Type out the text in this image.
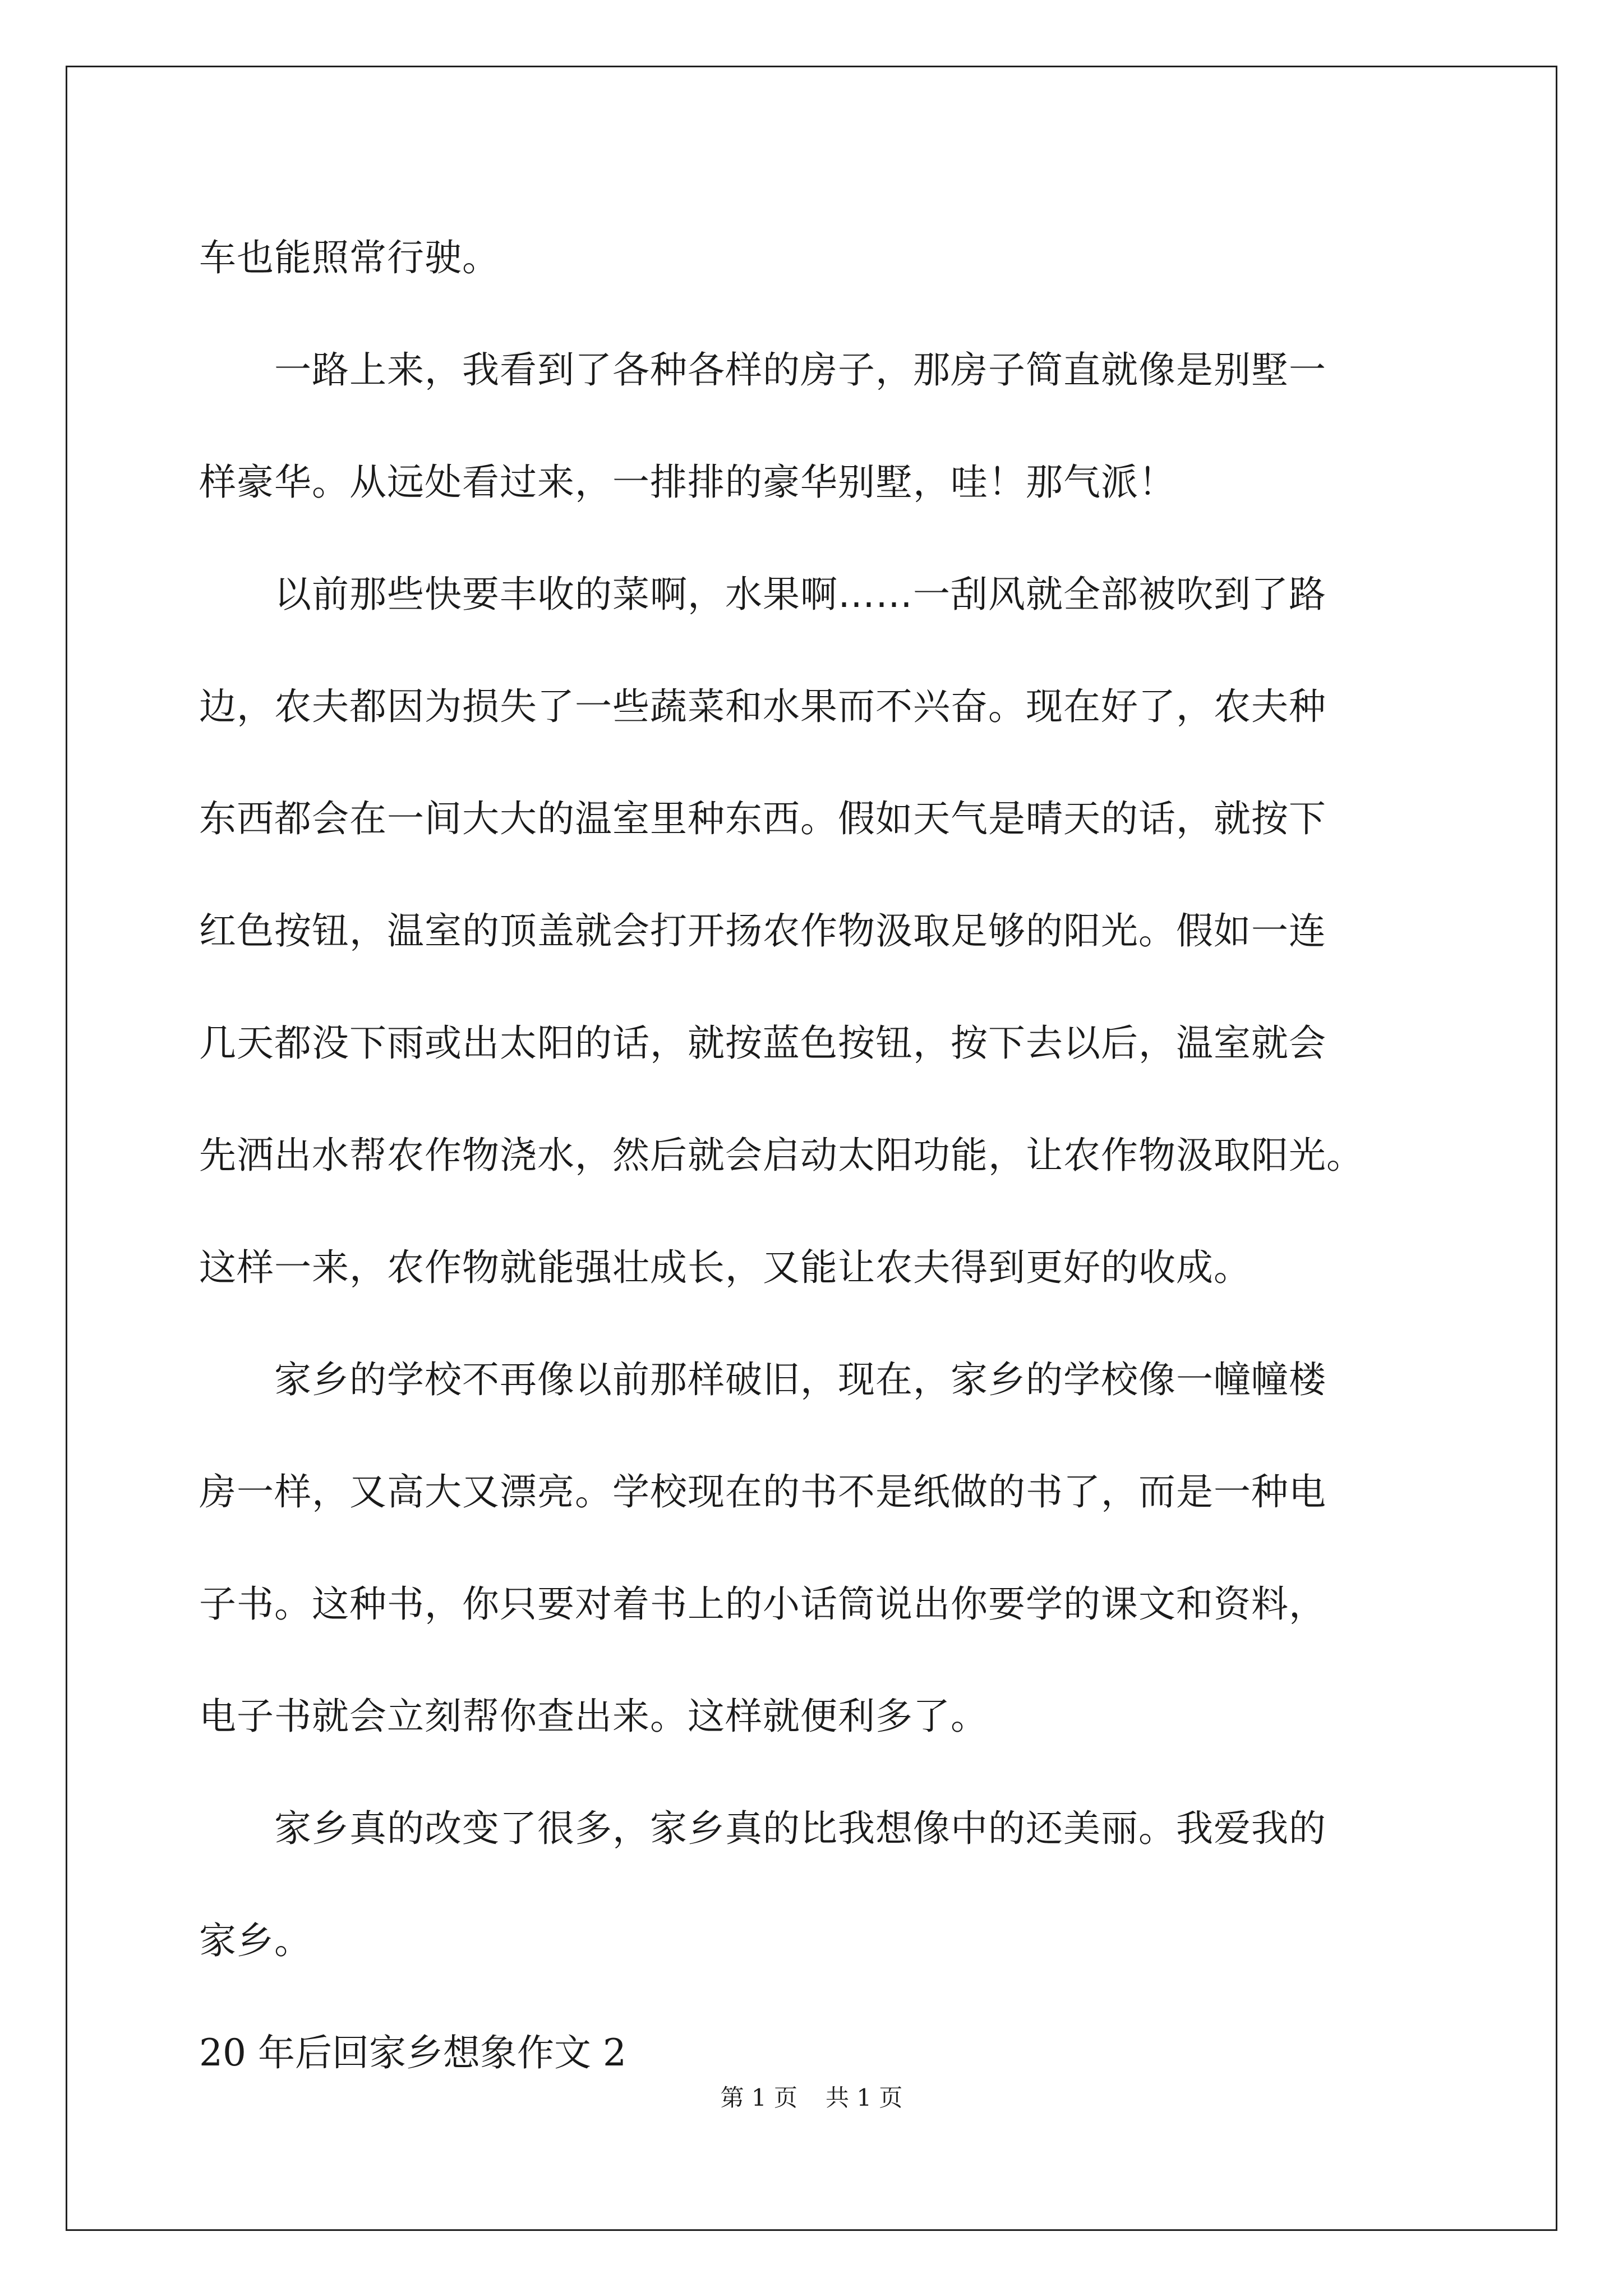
车也能照常行驶。
　　一路上来，我看到了各种各样的房子，那房子简直就像是别墅一
样豪华。从远处看过来，一排排的豪华别墅，哇！那气派！
　　以前那些快要丰收的菜啊，水果啊……一刮风就全部被吹到了路
边，农夫都因为损失了一些蔬菜和水果而不兴奋。现在好了，农夫种
东西都会在一间大大的温室里种东西。假如天气是晴天的话，就按下
红色按钮，温室的顶盖就会打开扬农作物汲取足够的阳光。假如一连
几天都没下雨或出太阳的话，就按蓝色按钮，按下去以后，温室就会
先洒出水帮农作物浇水，然后就会启动太阳功能，让农作物汲取阳光。
这样一来，农作物就能强壮成长，又能让农夫得到更好的收成。
　　家乡的学校不再像以前那样破旧，现在，家乡的学校像一幢幢楼
房一样，又高大又漂亮。学校现在的书不是纸做的书了，而是一种电
子书。这种书，你只要对着书上的小话筒说出你要学的课文和资料，
电子书就会立刻帮你查出来。这样就便利多了。
　　家乡真的改变了很多，家乡真的比我想像中的还美丽。我爱我的
家乡。
20 年后回家乡想象作文 2
第 1 页 共 1 页
